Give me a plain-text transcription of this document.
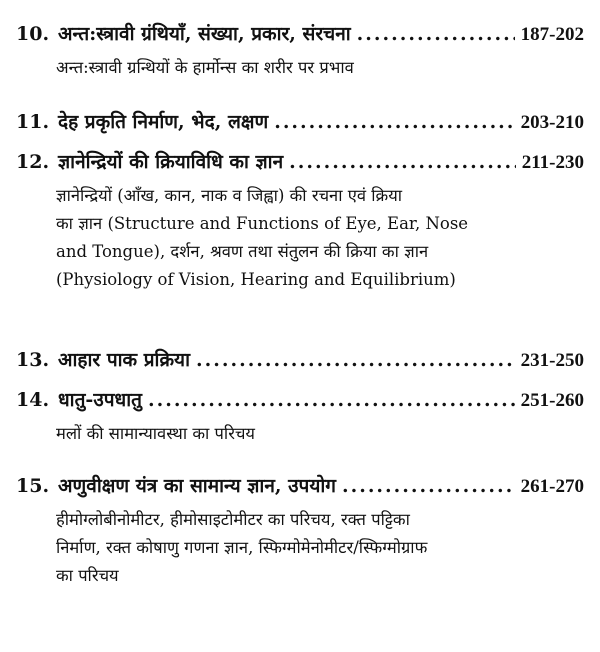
10. अन्त:स्त्रावी ग्रंथियाँ, संख्या, प्रकार, संरचना .....	187-202
अन्त:स्त्रावी ग्रन्थियों के हार्मोन्स का शरीर पर प्रभाव
11. देह प्रकृति निर्माण, भेद, लक्षण .....	203-210
12. ज्ञानेन्द्रियों की क्रियाविधि का ज्ञान .....	211-230
ज्ञानेन्द्रियों (आँख, कान, नाक व जिह्वा) की रचना एवं क्रिया
का ज्ञान (Structure and Functions of Eye, Ear, Nose
and Tongue), दर्शन, श्रवण तथा संतुलन की क्रिया का ज्ञान
(Physiology of Vision, Hearing and Equilibrium)
13. आहार पाक प्रक्रिया .....	231-250
14. धातु-उपधातु .....	251-260
मलों की सामान्यावस्था का परिचय
15. अणुवीक्षण यंत्र का सामान्य ज्ञान, उपयोग .....	261-270
हीमोग्लोबीनोमीटर, हीमोसाइटोमीटर का परिचय, रक्त पट्टिका
निर्माण, रक्त कोषाणु गणना ज्ञान, स्फिग्मोमेनोमीटर/स्फिग्मोग्राफ
का परिचय
